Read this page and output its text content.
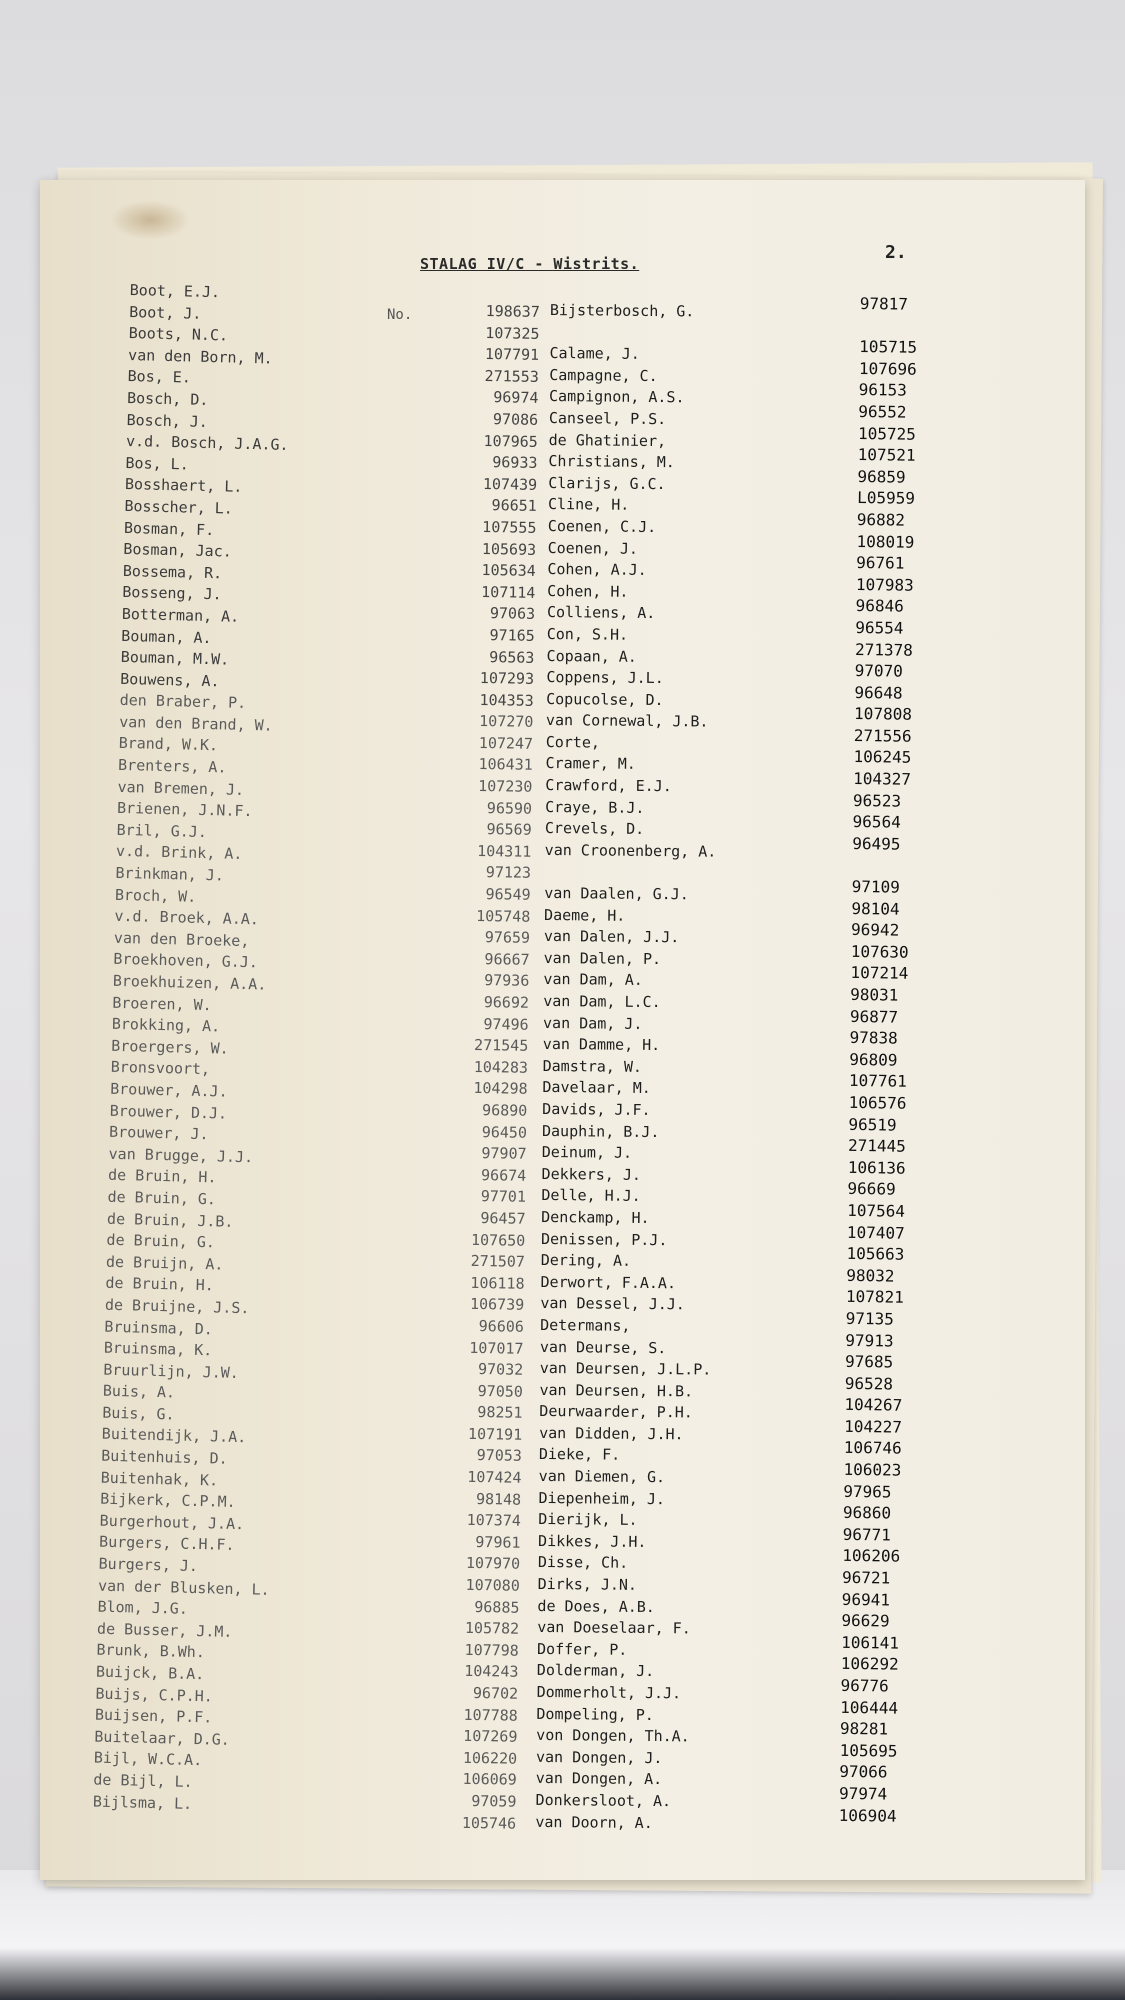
STALAG IV/C - Wistrits.
2.
No.
Boot, E.J.
Boot, J.
Boots, N.C.
van den Born, M.
Bos, E.
Bosch, D.
Bosch, J.
v.d. Bosch, J.A.G.
Bos, L.
Bosshaert, L.
Bosscher, L.
Bosman, F.
Bosman, Jac.
Bossema, R.
Bosseng, J.
Botterman, A.
Bouman, A.
Bouman, M.W.
Bouwens, A.
den Braber, P.
van den Brand, W.
Brand, W.K.
Brenters, A.
van Bremen, J.
Brienen, J.N.F.
Bril, G.J.
v.d. Brink, A.
Brinkman, J.
Broch, W.
v.d. Broek, A.A.
van den Broeke,
Broekhoven, G.J.
Broekhuizen, A.A.
Broeren, W.
Brokking, A.
Broergers, W.
Bronsvoort,
Brouwer, A.J.
Brouwer, D.J.
Brouwer, J.
van Brugge, J.J.
de Bruin, H.
de Bruin, G.
de Bruin, J.B.
de Bruin, G.
de Bruijn, A.
de Bruin, H.
de Bruijne, J.S.
Bruinsma, D.
Bruinsma, K.
Bruurlijn, J.W.
Buis, A.
Buis, G.
Buitendijk, J.A.
Buitenhuis, D.
Buitenhak, K.
Bijkerk, C.P.M.
Burgerhout, J.A.
Burgers, C.H.F.
Burgers, J.
van der Blusken, L.
Blom, J.G.
de Busser, J.M.
Brunk, B.Wh.
Buijck, B.A.
Buijs, C.P.H.
Buijsen, P.F.
Buitelaar, D.G.
Bijl, W.C.A.
de Bijl, L.
Bijlsma, L.
198637
107325
107791
271553
96974
97086
107965
96933
107439
96651
107555
105693
105634
107114
97063
97165
96563
107293
104353
107270
107247
106431
107230
96590
96569
104311
97123
96549
105748
97659
96667
97936
96692
97496
271545
104283
104298
96890
96450
97907
96674
97701
96457
107650
271507
106118
106739
96606
107017
97032
97050
98251
107191
97053
107424
98148
107374
97961
107970
107080
96885
105782
107798
104243
96702
107788
107269
106220
106069
97059
105746
Bijsterbosch, G.
Calame, J.
Campagne, C.
Campignon, A.S.
Canseel, P.S.
de Ghatinier,
Christians, M.
Clarijs, G.C.
Cline, H.
Coenen, C.J.
Coenen, J.
Cohen, A.J.
Cohen, H.
Colliens, A.
Con, S.H.
Copaan, A.
Coppens, J.L.
Copucolse, D.
van Cornewal, J.B.
Corte,
Cramer, M.
Crawford, E.J.
Craye, B.J.
Crevels, D.
van Croonenberg, A.
van Daalen, G.J.
Daeme, H.
van Dalen, J.J.
van Dalen, P.
van Dam, A.
van Dam, L.C.
van Dam, J.
van Damme, H.
Damstra, W.
Davelaar, M.
Davids, J.F.
Dauphin, B.J.
Deinum, J.
Dekkers, J.
Delle, H.J.
Denckamp, H.
Denissen, P.J.
Dering, A.
Derwort, F.A.A.
van Dessel, J.J.
Determans,
van Deurse, S.
van Deursen, J.L.P.
van Deursen, H.B.
Deurwaarder, P.H.
van Didden, J.H.
Dieke, F.
van Diemen, G.
Diepenheim, J.
Dierijk, L.
Dikkes, J.H.
Disse, Ch.
Dirks, J.N.
de Does, A.B.
van Doeselaar, F.
Doffer, P.
Dolderman, J.
Dommerholt, J.J.
Dompeling, P.
von Dongen, Th.A.
van Dongen, J.
van Dongen, A.
Donkersloot, A.
van Doorn, A.
97817
105715
107696
96153
96552
105725
107521
96859
L05959
96882
108019
96761
107983
96846
96554
271378
97070
96648
107808
271556
106245
104327
96523
96564
96495
97109
98104
96942
107630
107214
98031
96877
97838
96809
107761
106576
96519
271445
106136
96669
107564
107407
105663
98032
107821
97135
97913
97685
96528
104267
104227
106746
106023
97965
96860
96771
106206
96721
96941
96629
106141
106292
96776
106444
98281
105695
97066
97974
106904
